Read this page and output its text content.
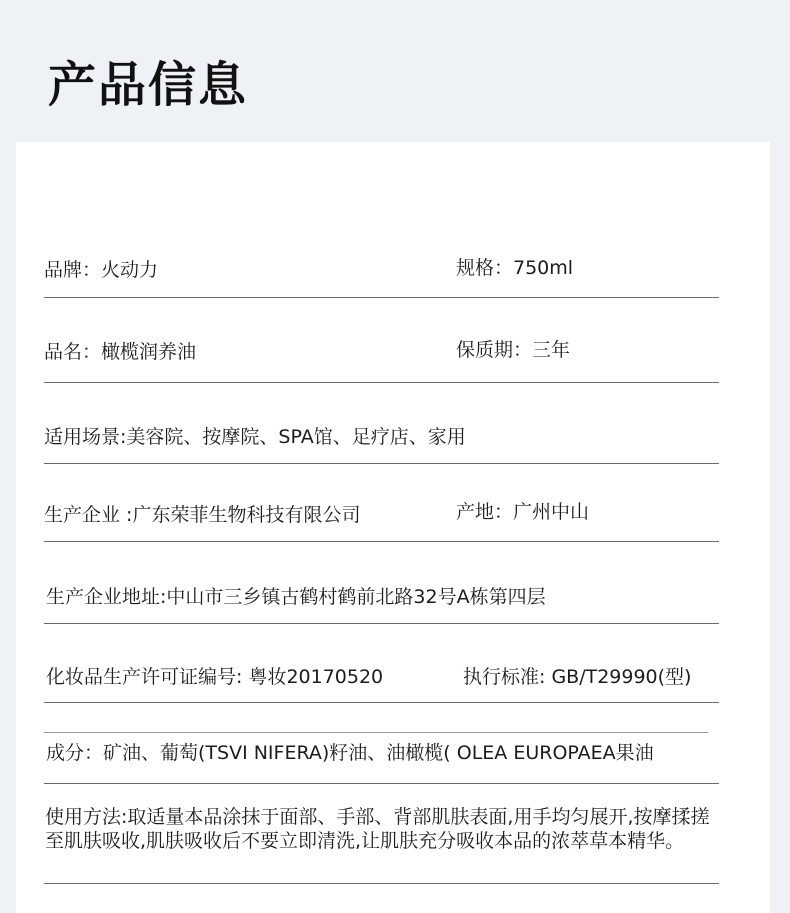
产品信息
品牌：火动力	规格：750ml
品名：橄榄润养油	保质期：三年
适用场景:美容院、按摩院、SPA馆、足疗店、家用
生产企业 :广东荣菲生物科技有限公司	产地：广州中山
生产企业地址:中山市三乡镇古鹤村鹤前北路32号A栋第四层
化妆品生产许可证编号: 粤妆20170520	执行标准: GB/T29990(型)
成分：矿油、葡萄(TSVI NIFERA)籽油、油橄榄( OLEA EUROPAEA果油
使用方法:取适量本品涂抹于面部、手部、背部肌肤表面,用手均匀展开,按摩揉搓至肌肤吸收,肌肤吸收后不要立即清洗,让肌肤充分吸收本品的浓萃草本精华。
